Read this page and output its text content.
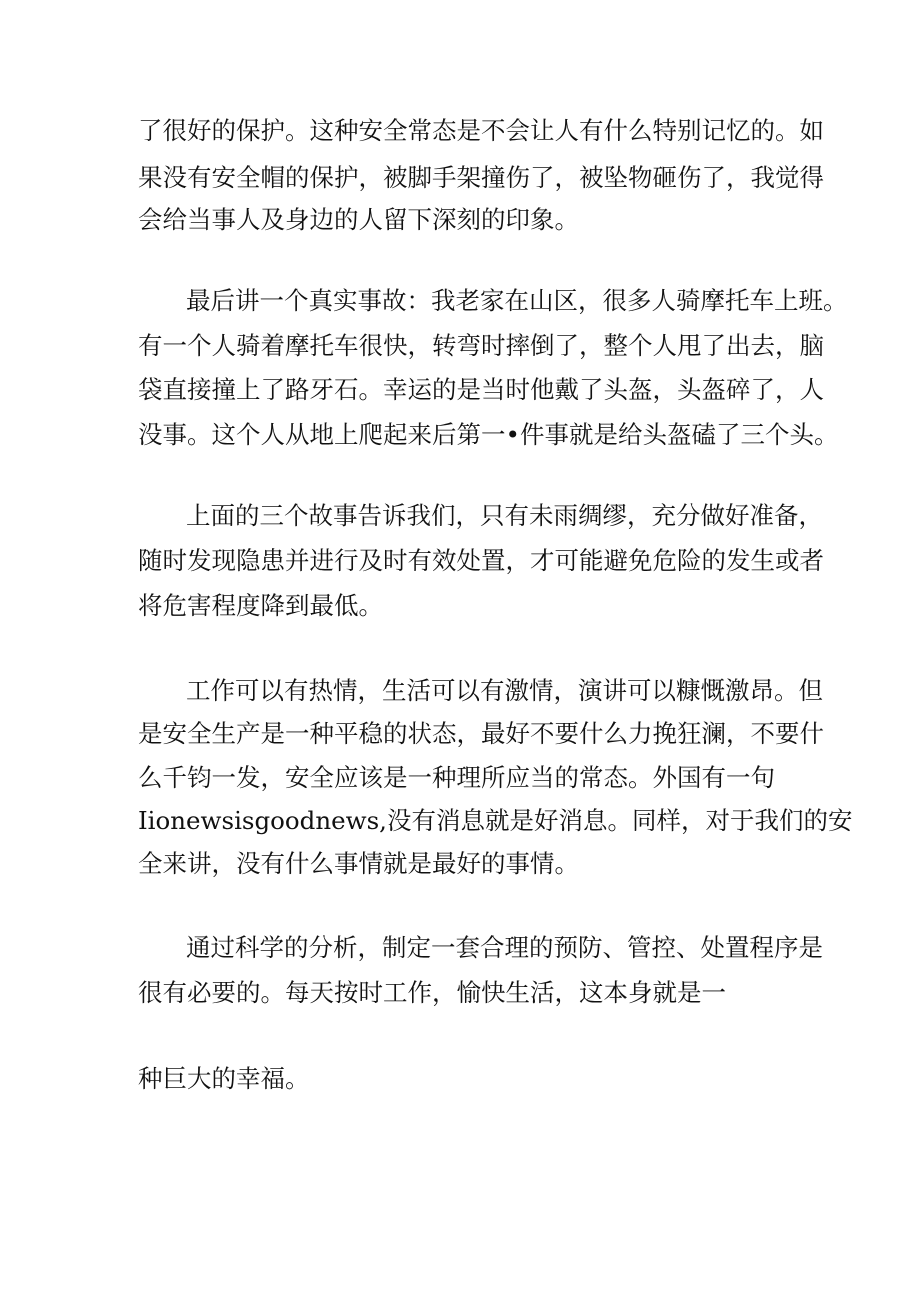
了很好的保护。这种安全常态是不会让人有什么特别记忆的。如
果没有安全帽的保护，被脚手架撞伤了，被坠物砸伤了，我觉得
会给当事人及身边的人留下深刻的印象。
最后讲一个真实事故：我老家在山区，很多人骑摩托车上班。
有一个人骑着摩托车很快，转弯时摔倒了，整个人甩了出去，脑
袋直接撞上了路牙石。幸运的是当时他戴了头盔，头盔碎了，人
没事。这个人从地上爬起来后第一•件事就是给头盔磕了三个头。
上面的三个故事告诉我们，只有未雨绸缪，充分做好准备，
随时发现隐患并进行及时有效处置，才可能避免危险的发生或者
将危害程度降到最低。
工作可以有热情，生活可以有激情，演讲可以糠慨激昂。但
是安全生产是一种平稳的状态，最好不要什么力挽狂澜，不要什
么千钧一发，安全应该是一种理所应当的常态。外国有一句
Iionewsisgoodnews,没有消息就是好消息。同样，对于我们的安
全来讲，没有什么事情就是最好的事情。
通过科学的分析，制定一套合理的预防、管控、处置程序是
很有必要的。每天按时工作，愉快生活，这本身就是一
种巨大的幸福。
